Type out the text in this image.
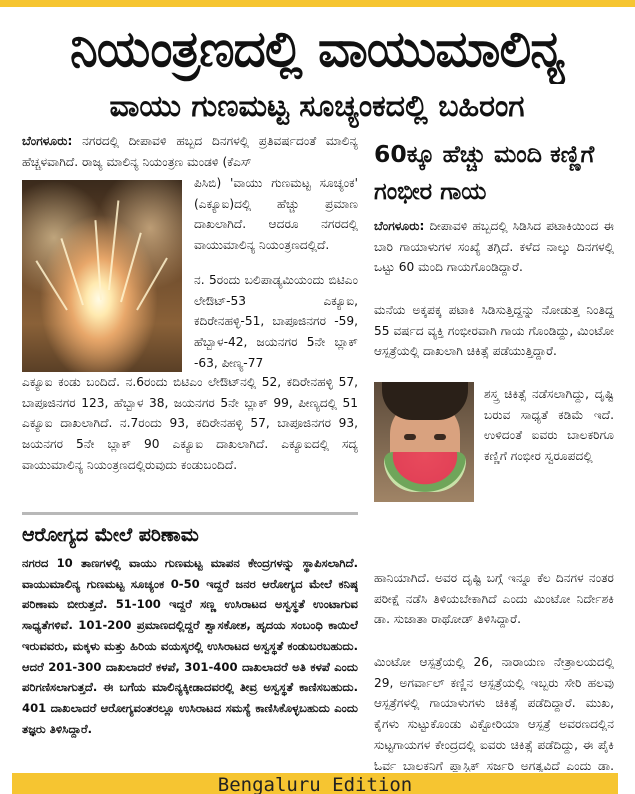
ನಿಯಂತ್ರಣದಲ್ಲಿ ವಾಯುಮಾಲಿನ್ಯ
ವಾಯು ಗುಣಮಟ್ಟ ಸೂಚ್ಯಂಕದಲ್ಲಿ ಬಹಿರಂಗ
ಬೆಂಗಳೂರು: ನಗರದಲ್ಲಿ ದೀಪಾವಳಿ ಹಬ್ಬದ ದಿನಗಳಲ್ಲಿ ಪ್ರತಿವರ್ಷದಂತೆ ಮಾಲಿನ್ಯ ಹೆಚ್ಚಳವಾಗಿದೆ. ರಾಜ್ಯ ಮಾಲಿನ್ಯ ನಿಯಂತ್ರಣ ಮಂಡಳಿ (ಕೆಎಸ್
ಪಿಸಿಬಿ) 'ವಾಯು ಗುಣಮಟ್ಟ ಸೂಚ್ಯಂಕ' (ಎಕ್ಯೂಐ)ದಲ್ಲಿ ಹೆಚ್ಚು ಪ್ರಮಾಣ ದಾಖಲಾಗಿದೆ. ಆದರೂ ನಗರದಲ್ಲಿ ವಾಯುಮಾಲಿನ್ಯ ನಿಯಂತ್ರಣದಲ್ಲಿದೆ.
ನ. 5ರಂದು ಬಲಿಪಾಡ್ಯಮಿಯಂದು ಬಿಟಿಎಂ ಲೇಔಟ್-53 ಎಕ್ಯೂಐ, ಕದಿರೇನಹಳ್ಳಿ-51, ಬಾಪೂಜಿನಗರ -59, ಹೆಬ್ಬಾಳ-42, ಜಯನಗರ 5ನೇ ಬ್ಲಾಕ್ -63, ಪೀಣ್ಯ-77
ಎಕ್ಯೂಐ ಕಂಡು ಬಂದಿದೆ. ನ.6ರಂದು ಬಿಟಿಎಂ ಲೇಔಟ್‌ನಲ್ಲಿ 52, ಕದಿರೇನಹಳ್ಳಿ 57, ಬಾಪೂಜಿನಗರ 123, ಹೆಬ್ಬಾಳ 38, ಜಯನಗರ 5ನೇ ಬ್ಲಾಕ್ 99, ಪೀಣ್ಯದಲ್ಲಿ 51 ಎಕ್ಯೂಐ ದಾಖಲಾಗಿದೆ. ನ.7ರಂದು 93, ಕದಿರೇನಹಳ್ಳಿ 57, ಬಾಪೂಜಿನಗರ 93, ಜಯನಗರ 5ನೇ ಬ್ಲಾಕ್ 90 ಎಕ್ಯೂಐ ದಾಖಲಾಗಿದೆ. ಎಕ್ಯೂಐದಲ್ಲಿ ಸದ್ಯ ವಾಯುಮಾಲಿನ್ಯ ನಿಯಂತ್ರಣದಲ್ಲಿರುವುದು ಕಂಡುಬಂದಿದೆ.
ಆರೋಗ್ಯದ ಮೇಲೆ ಪರಿಣಾಮ
ನಗರದ 10 ತಾಣಗಳಲ್ಲಿ ವಾಯು ಗುಣಮಟ್ಟ ಮಾಪನ ಕೇಂದ್ರಗಳನ್ನು ಸ್ಥಾಪಿಸಲಾಗಿದೆ. ವಾಯುಮಾಲಿನ್ಯ ಗುಣಮಟ್ಟ ಸೂಚ್ಯಂಕ 0-50 ಇದ್ದರೆ ಜನರ ಆರೋಗ್ಯದ ಮೇಲೆ ಕನಿಷ್ಠ ಪರಿಣಾಮ ಬೀರುತ್ತದೆ. 51-100 ಇದ್ದರೆ ಸಣ್ಣ ಉಸಿರಾಟದ ಅಸ್ವಸ್ಥತೆ ಉಂಟಾಗುವ ಸಾಧ್ಯತೆಗಳಿವೆ. 101-200 ಪ್ರಮಾಣದಲ್ಲಿದ್ದರೆ ಶ್ವಾಸಕೋಶ, ಹೃದಯ ಸಂಬಂಧಿ ಕಾಯಿಲೆ ಇರುವವರು, ಮಕ್ಕಳು ಮತ್ತು ಹಿರಿಯ ವಯಸ್ಕರಲ್ಲಿ ಉಸಿರಾಟದ ಅಸ್ವಸ್ಥತೆ ಕಂಡುಬರಬಹುದು. ಆದರೆ 201-300 ದಾಖಲಾದರೆ ಕಳಪೆ, 301-400 ದಾಖಲಾದರೆ ಅತಿ ಕಳಪೆ ಎಂದು ಪರಿಗಣಿಸಲಾಗುತ್ತದೆ. ಈ ಬಗೆಯ ಮಾಲಿನ್ಯಕ್ಕೀಡಾದವರಲ್ಲಿ ತೀವ್ರ ಅಸ್ವಸ್ಥತೆ ಕಾಣಿಸಬಹುದು. 401 ದಾಖಲಾದರೆ ಆರೋಗ್ಯವಂತರಲ್ಲೂ ಉಸಿರಾಟದ ಸಮಸ್ಯೆ ಕಾಣಿಸಿಕೊಳ್ಳಬಹುದು ಎಂದು ತಜ್ಞರು ತಿಳಿಸಿದ್ದಾರೆ.
60ಕ್ಕೂ ಹೆಚ್ಚು ಮಂದಿ ಕಣ್ಣಿಗೆ ಗಂಭೀರ ಗಾಯ
ಬೆಂಗಳೂರು: ದೀಪಾವಳಿ ಹಬ್ಬದಲ್ಲಿ ಸಿಡಿಸಿದ ಪಟಾಕಿಯಿಂದ ಈ ಬಾರಿ ಗಾಯಾಳುಗಳ ಸಂಖ್ಯೆ ತಗ್ಗಿದೆ. ಕಳೆದ ನಾಲ್ಕು ದಿನಗಳಲ್ಲಿ ಒಟ್ಟು 60 ಮಂದಿ ಗಾಯಗೊಂಡಿದ್ದಾರೆ.
ಮನೆಯ ಅಕ್ಕಪಕ್ಕ ಪಟಾಕಿ ಸಿಡಿಸುತ್ತಿದ್ದನ್ನು ನೋಡುತ್ತ ನಿಂತಿದ್ದ 55 ವರ್ಷದ ವ್ಯಕ್ತಿ ಗಂಭೀರವಾಗಿ ಗಾಯ ಗೊಂಡಿದ್ದು, ಮಿಂಟೋ ಆಸ್ಪತ್ರೆಯಲ್ಲಿ ದಾಖಲಾಗಿ ಚಿಕಿತ್ಸೆ ಪಡೆಯುತ್ತಿದ್ದಾರೆ.
ಶಸ್ತ್ರ ಚಿಕಿತ್ಸೆ ನಡೆಸಲಾಗಿದ್ದು, ದೃಷ್ಟಿ ಬರುವ ಸಾಧ್ಯತೆ ಕಡಿಮೆ ಇದೆ. ಉಳಿದಂತೆ ಐವರು ಬಾಲಕರಿಗೂ ಕಣ್ಣಿಗೆ ಗಂಭೀರ ಸ್ವರೂಪದಲ್ಲಿ
ಹಾನಿಯಾಗಿದೆ. ಅವರ ದೃಷ್ಟಿ ಬಗ್ಗೆ ಇನ್ನೂ ಕೆಲ ದಿನಗಳ ನಂತರ ಪರೀಕ್ಷೆ ನಡೆಸಿ ತಿಳಿಯಬೇಕಾಗಿದೆ ಎಂದು ಮಿಂಟೋ ನಿರ್ದೇಶಕಿ ಡಾ. ಸುಜಾತಾ ರಾಥೋಡ್ ತಿಳಿಸಿದ್ದಾರೆ.
ಮಿಂಟೋ ಆಸ್ಪತ್ರೆಯಲ್ಲಿ 26, ನಾರಾಯಣ ನೇತ್ರಾಲಯದಲ್ಲಿ 29, ಅಗರ್ವಾಲ್ ಕಣ್ಣಿನ ಆಸ್ಪತ್ರೆಯಲ್ಲಿ ಇಬ್ಬರು ಸೇರಿ ಹಲವು ಆಸ್ಪತ್ರೆಗಳಲ್ಲಿ ಗಾಯಾಳುಗಳು ಚಿಕಿತ್ಸೆ ಪಡೆದಿದ್ದಾರೆ. ಮುಖ, ಕೈಗಳು ಸುಟ್ಟುಕೊಂಡು ವಿಕ್ಟೋರಿಯಾ ಆಸ್ಪತ್ರೆ ಅವರಣದಲ್ಲಿನ ಸುಟ್ಟಗಾಯಗಳ ಕೇಂದ್ರದಲ್ಲಿ ಐವರು ಚಿಕಿತ್ಸೆ ಪಡೆದಿದ್ದು, ಈ ಪೈಕಿ ಓರ್ವ ಬಾಲಕನಿಗೆ ಪ್ಲಾಸ್ಟಿಕ್ ಸರ್ಜರಿ ಅಗತ್ಯವಿದೆ ಎಂದು ಡಾ.
Bengaluru Edition
